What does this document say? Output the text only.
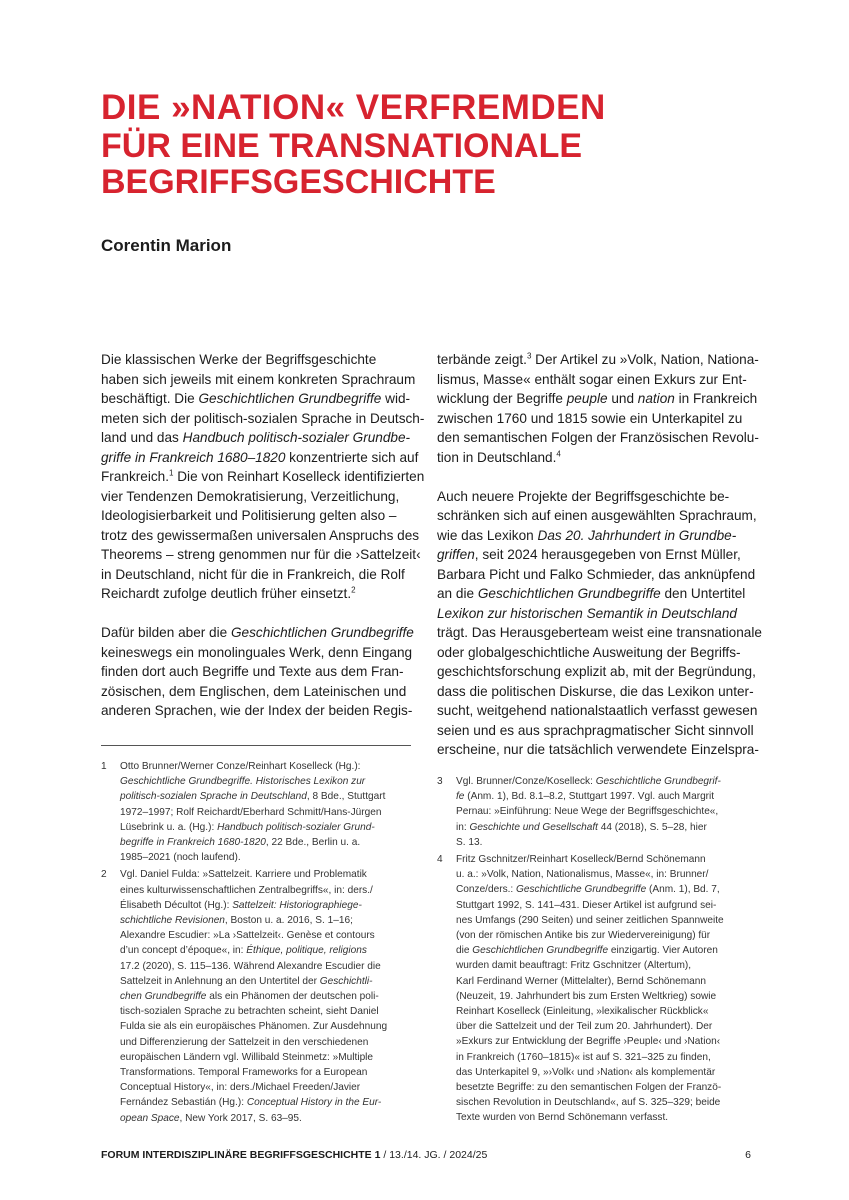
DIE »NATION« VERFREMDEN
FÜR EINE TRANSNATIONALE
BEGRIFFSGESCHICHTE

Corentin Marion

Die klassischen Werke der Begriffsgeschichte
haben sich jeweils mit einem konkreten Sprachraum
beschäftigt. Die Geschichtlichen Grundbegriffe wid-
meten sich der politisch-sozialen Sprache in Deutsch-
land und das Handbuch politisch-sozialer Grundbe-
griffe in Frankreich 1680–1820 konzentrierte sich auf
Frankreich.$^1$ Die von Reinhart Koselleck identifizierten
vier Tendenzen Demokratisierung, Verzeitlichung,
Ideologisierbarkeit und Politisierung gelten also –
trotz des gewissermaßen universalen Anspruchs des
Theorems – streng genommen nur für die ›Sattelzeit‹
in Deutschland, nicht für die in Frankreich, die Rolf
Reichardt zufolge deutlich früher einsetzt.$^2$

Dafür bilden aber die Geschichtlichen Grundbegriffe
keineswegs ein monolinguales Werk, denn Eingang
finden dort auch Begriffe und Texte aus dem Fran-
zösischen, dem Englischen, dem Lateinischen und
anderen Sprachen, wie der Index der beiden Regis-

terbände zeigt.$^3$ Der Artikel zu »Volk, Nation, Nationa-
lismus, Masse« enthält sogar einen Exkurs zur Ent-
wicklung der Begriffe peuple und nation in Frankreich
zwischen 1760 und 1815 sowie ein Unterkapitel zu
den semantischen Folgen der Französischen Revolu-
tion in Deutschland.$^4$

Auch neuere Projekte der Begriffsgeschichte be-
schränken sich auf einen ausgewählten Sprachraum,
wie das Lexikon Das 20. Jahrhundert in Grundbe-
griffen, seit 2024 herausgegeben von Ernst Müller,
Barbara Picht und Falko Schmieder, das anknüpfend
an die Geschichtlichen Grundbegriffe den Untertitel
Lexikon zur historischen Semantik in Deutschland
trägt. Das Herausgeberteam weist eine transnationale
oder globalgeschichtliche Ausweitung der Begriffs-
geschichtsforschung explizit ab, mit der Begründung,
dass die politischen Diskurse, die das Lexikon unter-
sucht, weitgehend nationalstaatlich verfasst gewesen
seien und es aus sprachpragmatischer Sicht sinnvoll
erscheine, nur die tatsächlich verwendete Einzelspra-

1	Otto Brunner/Werner Conze/Reinhart Koselleck (Hg.):
Geschichtliche Grundbegriffe. Historisches Lexikon zur
politisch-sozialen Sprache in Deutschland, 8 Bde., Stuttgart
1972–1997; Rolf Reichardt/Eberhard Schmitt/Hans-Jürgen
Lüsebrink u. a. (Hg.): Handbuch politisch-sozialer Grund-
begriffe in Frankreich 1680-1820, 22 Bde., Berlin u. a.
1985–2021 (noch laufend).
2	Vgl. Daniel Fulda: »Sattelzeit. Karriere und Problematik
eines kulturwissenschaftlichen Zentralbegriffs«, in: ders./
Élisabeth Décultot (Hg.): Sattelzeit: Historiographiege-
schichtliche Revisionen, Boston u. a. 2016, S. 1–16;
Alexandre Escudier: »La ›Sattelzeit‹. Genèse et contours
d’un concept d’époque«, in: Éthique, politique, religions
17.2 (2020), S. 115–136. Während Alexandre Escudier die
Sattelzeit in Anlehnung an den Untertitel der Geschichtli-
chen Grundbegriffe als ein Phänomen der deutschen poli-
tisch-sozialen Sprache zu betrachten scheint, sieht Daniel
Fulda sie als ein europäisches Phänomen. Zur Ausdehnung
und Differenzierung der Sattelzeit in den verschiedenen
europäischen Ländern vgl. Willibald Steinmetz: »Multiple
Transformations. Temporal Frameworks for a European
Conceptual History«, in: ders./Michael Freeden/Javier
Fernández Sebastián (Hg.): Conceptual History in the Eur-
opean Space, New York 2017, S. 63–95.
3	Vgl. Brunner/Conze/Koselleck: Geschichtliche Grundbegrif-
fe (Anm. 1), Bd. 8.1–8.2, Stuttgart 1997. Vgl. auch Margrit
Pernau: »Einführung: Neue Wege der Begriffsgeschichte«,
in: Geschichte und Gesellschaft 44 (2018), S. 5–28, hier
S. 13.
4	Fritz Gschnitzer/Reinhart Koselleck/Bernd Schönemann
u. a.: »Volk, Nation, Nationalismus, Masse«, in: Brunner/
Conze/ders.: Geschichtliche Grundbegriffe (Anm. 1), Bd. 7,
Stuttgart 1992, S. 141–431. Dieser Artikel ist aufgrund sei-
nes Umfangs (290 Seiten) und seiner zeitlichen Spannweite
(von der römischen Antike bis zur Wiedervereinigung) für
die Geschichtlichen Grundbegriffe einzigartig. Vier Autoren
wurden damit beauftragt: Fritz Gschnitzer (Altertum),
Karl Ferdinand Werner (Mittelalter), Bernd Schönemann
(Neuzeit, 19. Jahrhundert bis zum Ersten Weltkrieg) sowie
Reinhart Koselleck (Einleitung, »lexikalischer Rückblick«
über die Sattelzeit und der Teil zum 20. Jahrhundert). Der
»Exkurs zur Entwicklung der Begriffe ›Peuple‹ und ›Nation‹
in Frankreich (1760–1815)« ist auf S. 321–325 zu finden,
das Unterkapitel 9, »›Volk‹ und ›Nation‹ als komplementär
besetzte Begriffe: zu den semantischen Folgen der Franzö-
sischen Revolution in Deutschland«, auf S. 325–329; beide
Texte wurden von Bernd Schönemann verfasst.
FORUM INTERDISZIPLINÄRE BEGRIFFSGESCHICHTE 1 / 13./14. JG. / 2024/25	6
